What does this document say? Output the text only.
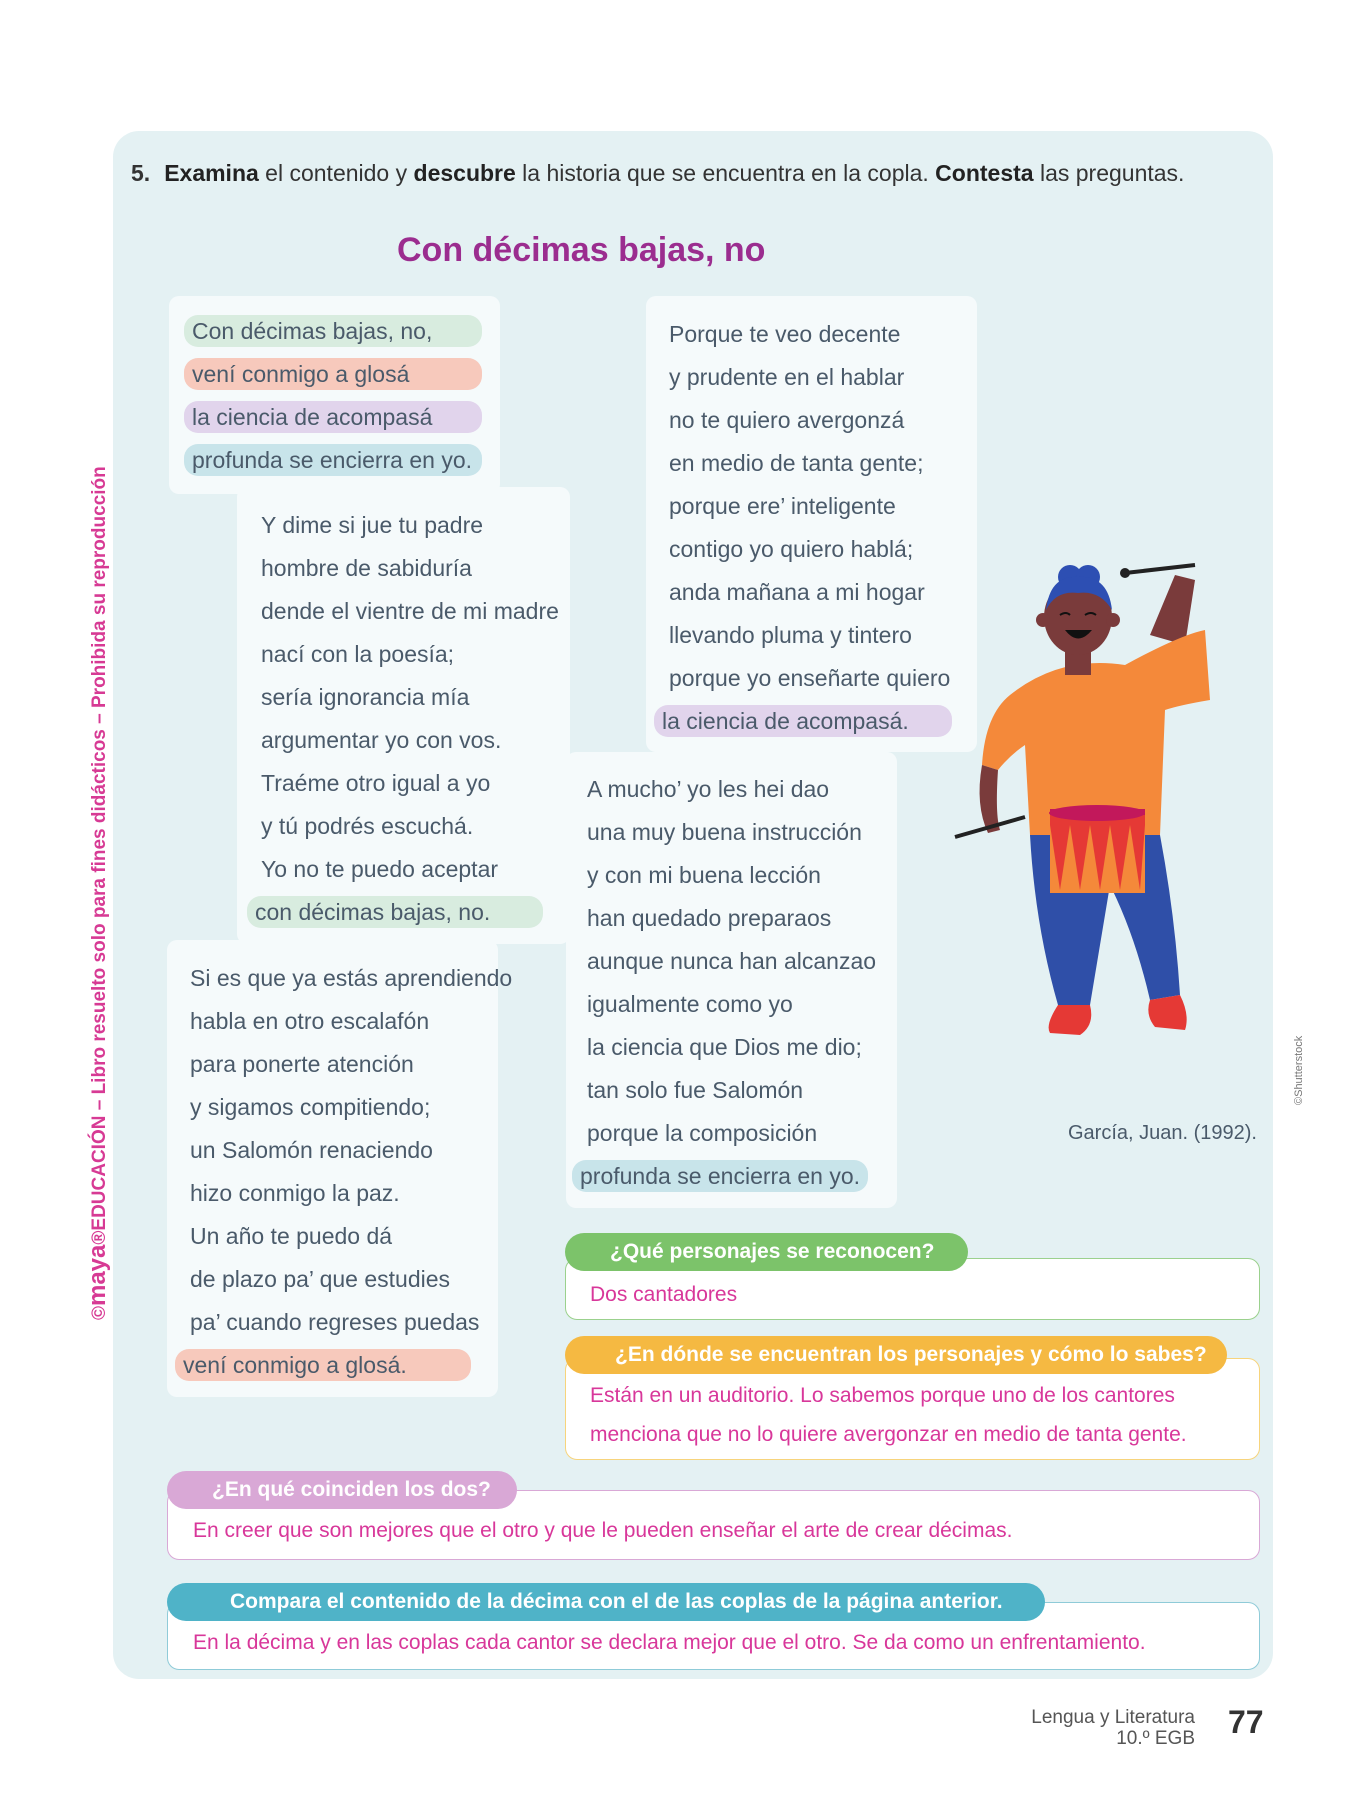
5. Examina el contenido y descubre la historia que se encuentra en la copla. Contesta las preguntas.
Con décimas bajas, no
Con décimas bajas, no,
vení conmigo a glosá
la ciencia de acompasá
profunda se encierra en yo.
Y dime si jue tu padre
hombre de sabiduría
dende el vientre de mi madre
nací con la poesía;
sería ignorancia mía
argumentar yo con vos.
Traéme otro igual a yo
y tú podrés escuchá.
Yo no te puedo aceptar
con décimas bajas, no.
Si es que ya estás aprendiendo
habla en otro escalafón
para ponerte atención
y sigamos compitiendo;
un Salomón renaciendo
hizo conmigo la paz.
Un año te puedo dá
de plazo pa’ que estudies
pa’ cuando regreses puedas
vení conmigo a glosá.
Porque te veo decente
y prudente en el hablar
no te quiero avergonzá
en medio de tanta gente;
porque ere’ inteligente
contigo yo quiero hablá;
anda mañana a mi hogar
llevando pluma y tintero
porque yo enseñarte quiero
la ciencia de acompasá.
A mucho’ yo les hei dao
una muy buena instrucción
y con mi buena lección
han quedado preparaos
aunque nunca han alcanzao
igualmente como yo
la ciencia que Dios me dio;
tan solo fue Salomón
porque la composición
profunda se encierra en yo.
García, Juan. (1992).
©Shutterstock
©maya®EDUCACIÓN – Libro resuelto solo para fines didácticos – Prohibida su reproducción
¿Qué personajes se reconocen?
Dos cantadores
¿En dónde se encuentran los personajes y cómo lo sabes?
Están en un auditorio. Lo sabemos porque uno de los cantores
menciona que no lo quiere avergonzar en medio de tanta gente.
¿En qué coinciden los dos?
En creer que son mejores que el otro y que le pueden enseñar el arte de crear décimas.
Compara el contenido de la décima con el de las coplas de la página anterior.
En la décima y en las coplas cada cantor se declara mejor que el otro. Se da como un enfrentamiento.
Lengua y Literatura
10.º EGB 77
